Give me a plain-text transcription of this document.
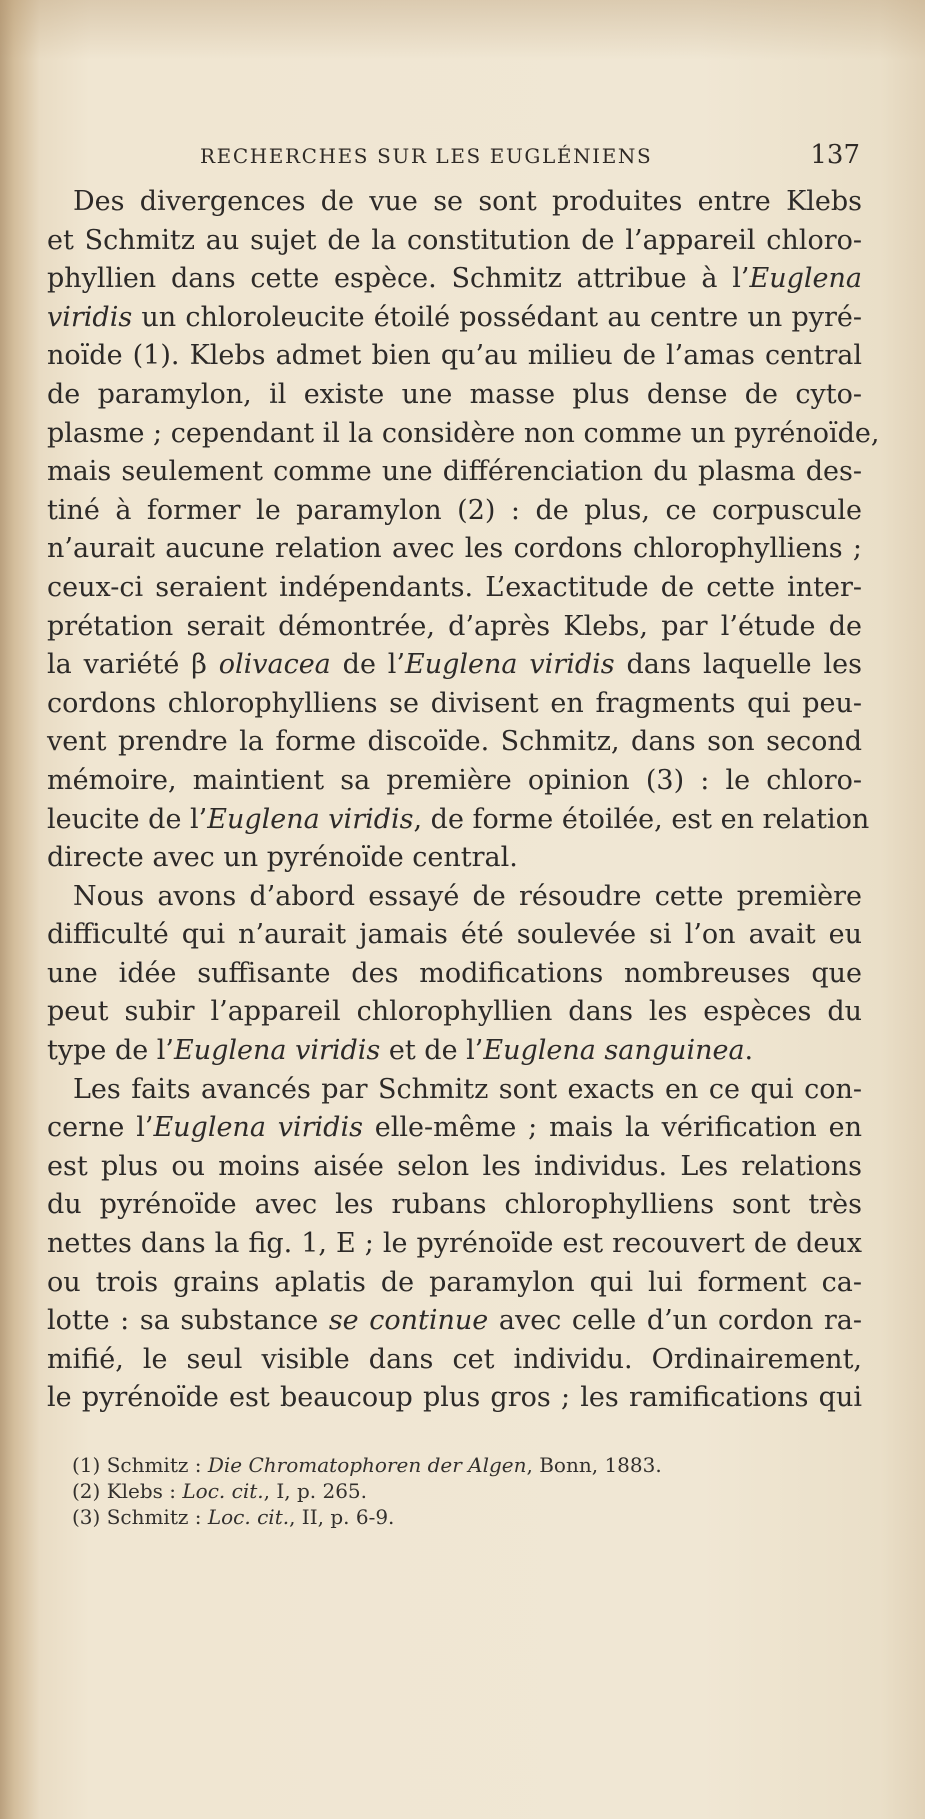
RECHERCHES SUR LES EUGLÉNIENS	137
Des divergences de vue se sont produites entre Klebs
et Schmitz au sujet de la constitution de l’appareil chloro-
phyllien dans cette espèce. Schmitz attribue à l’Euglena
viridis un chloroleucite étoilé possédant au centre un pyré-
noïde (1). Klebs admet bien qu’au milieu de l’amas central
de paramylon, il existe une masse plus dense de cyto-
plasme ; cependant il la considère non comme un pyrénoïde,
mais seulement comme une différenciation du plasma des-
tiné à former le paramylon (2) : de plus, ce corpuscule
n’aurait aucune relation avec les cordons chlorophylliens ;
ceux-ci seraient indépendants. L’exactitude de cette inter-
prétation serait démontrée, d’après Klebs, par l’étude de
la variété β olivacea de l’Euglena viridis dans laquelle les
cordons chlorophylliens se divisent en fragments qui peu-
vent prendre la forme discoïde. Schmitz, dans son second
mémoire, maintient sa première opinion (3) : le chloro-
leucite de l’Euglena viridis, de forme étoilée, est en relation
directe avec un pyrénoïde central.
Nous avons d’abord essayé de résoudre cette première
difficulté qui n’aurait jamais été soulevée si l’on avait eu
une idée suffisante des modifications nombreuses que
peut subir l’appareil chlorophyllien dans les espèces du
type de l’Euglena viridis et de l’Euglena sanguinea.
Les faits avancés par Schmitz sont exacts en ce qui con-
cerne l’Euglena viridis elle-même ; mais la vérification en
est plus ou moins aisée selon les individus. Les relations
du pyrénoïde avec les rubans chlorophylliens sont très
nettes dans la fig. 1, E ; le pyrénoïde est recouvert de deux
ou trois grains aplatis de paramylon qui lui forment ca-
lotte : sa substance se continue avec celle d’un cordon ra-
mifié, le seul visible dans cet individu. Ordinairement,
le pyrénoïde est beaucoup plus gros ; les ramifications qui
(1) Schmitz : Die Chromatophoren der Algen, Bonn, 1883.
(2) Klebs : Loc. cit., I, p. 265.
(3) Schmitz : Loc. cit., II, p. 6-9.
